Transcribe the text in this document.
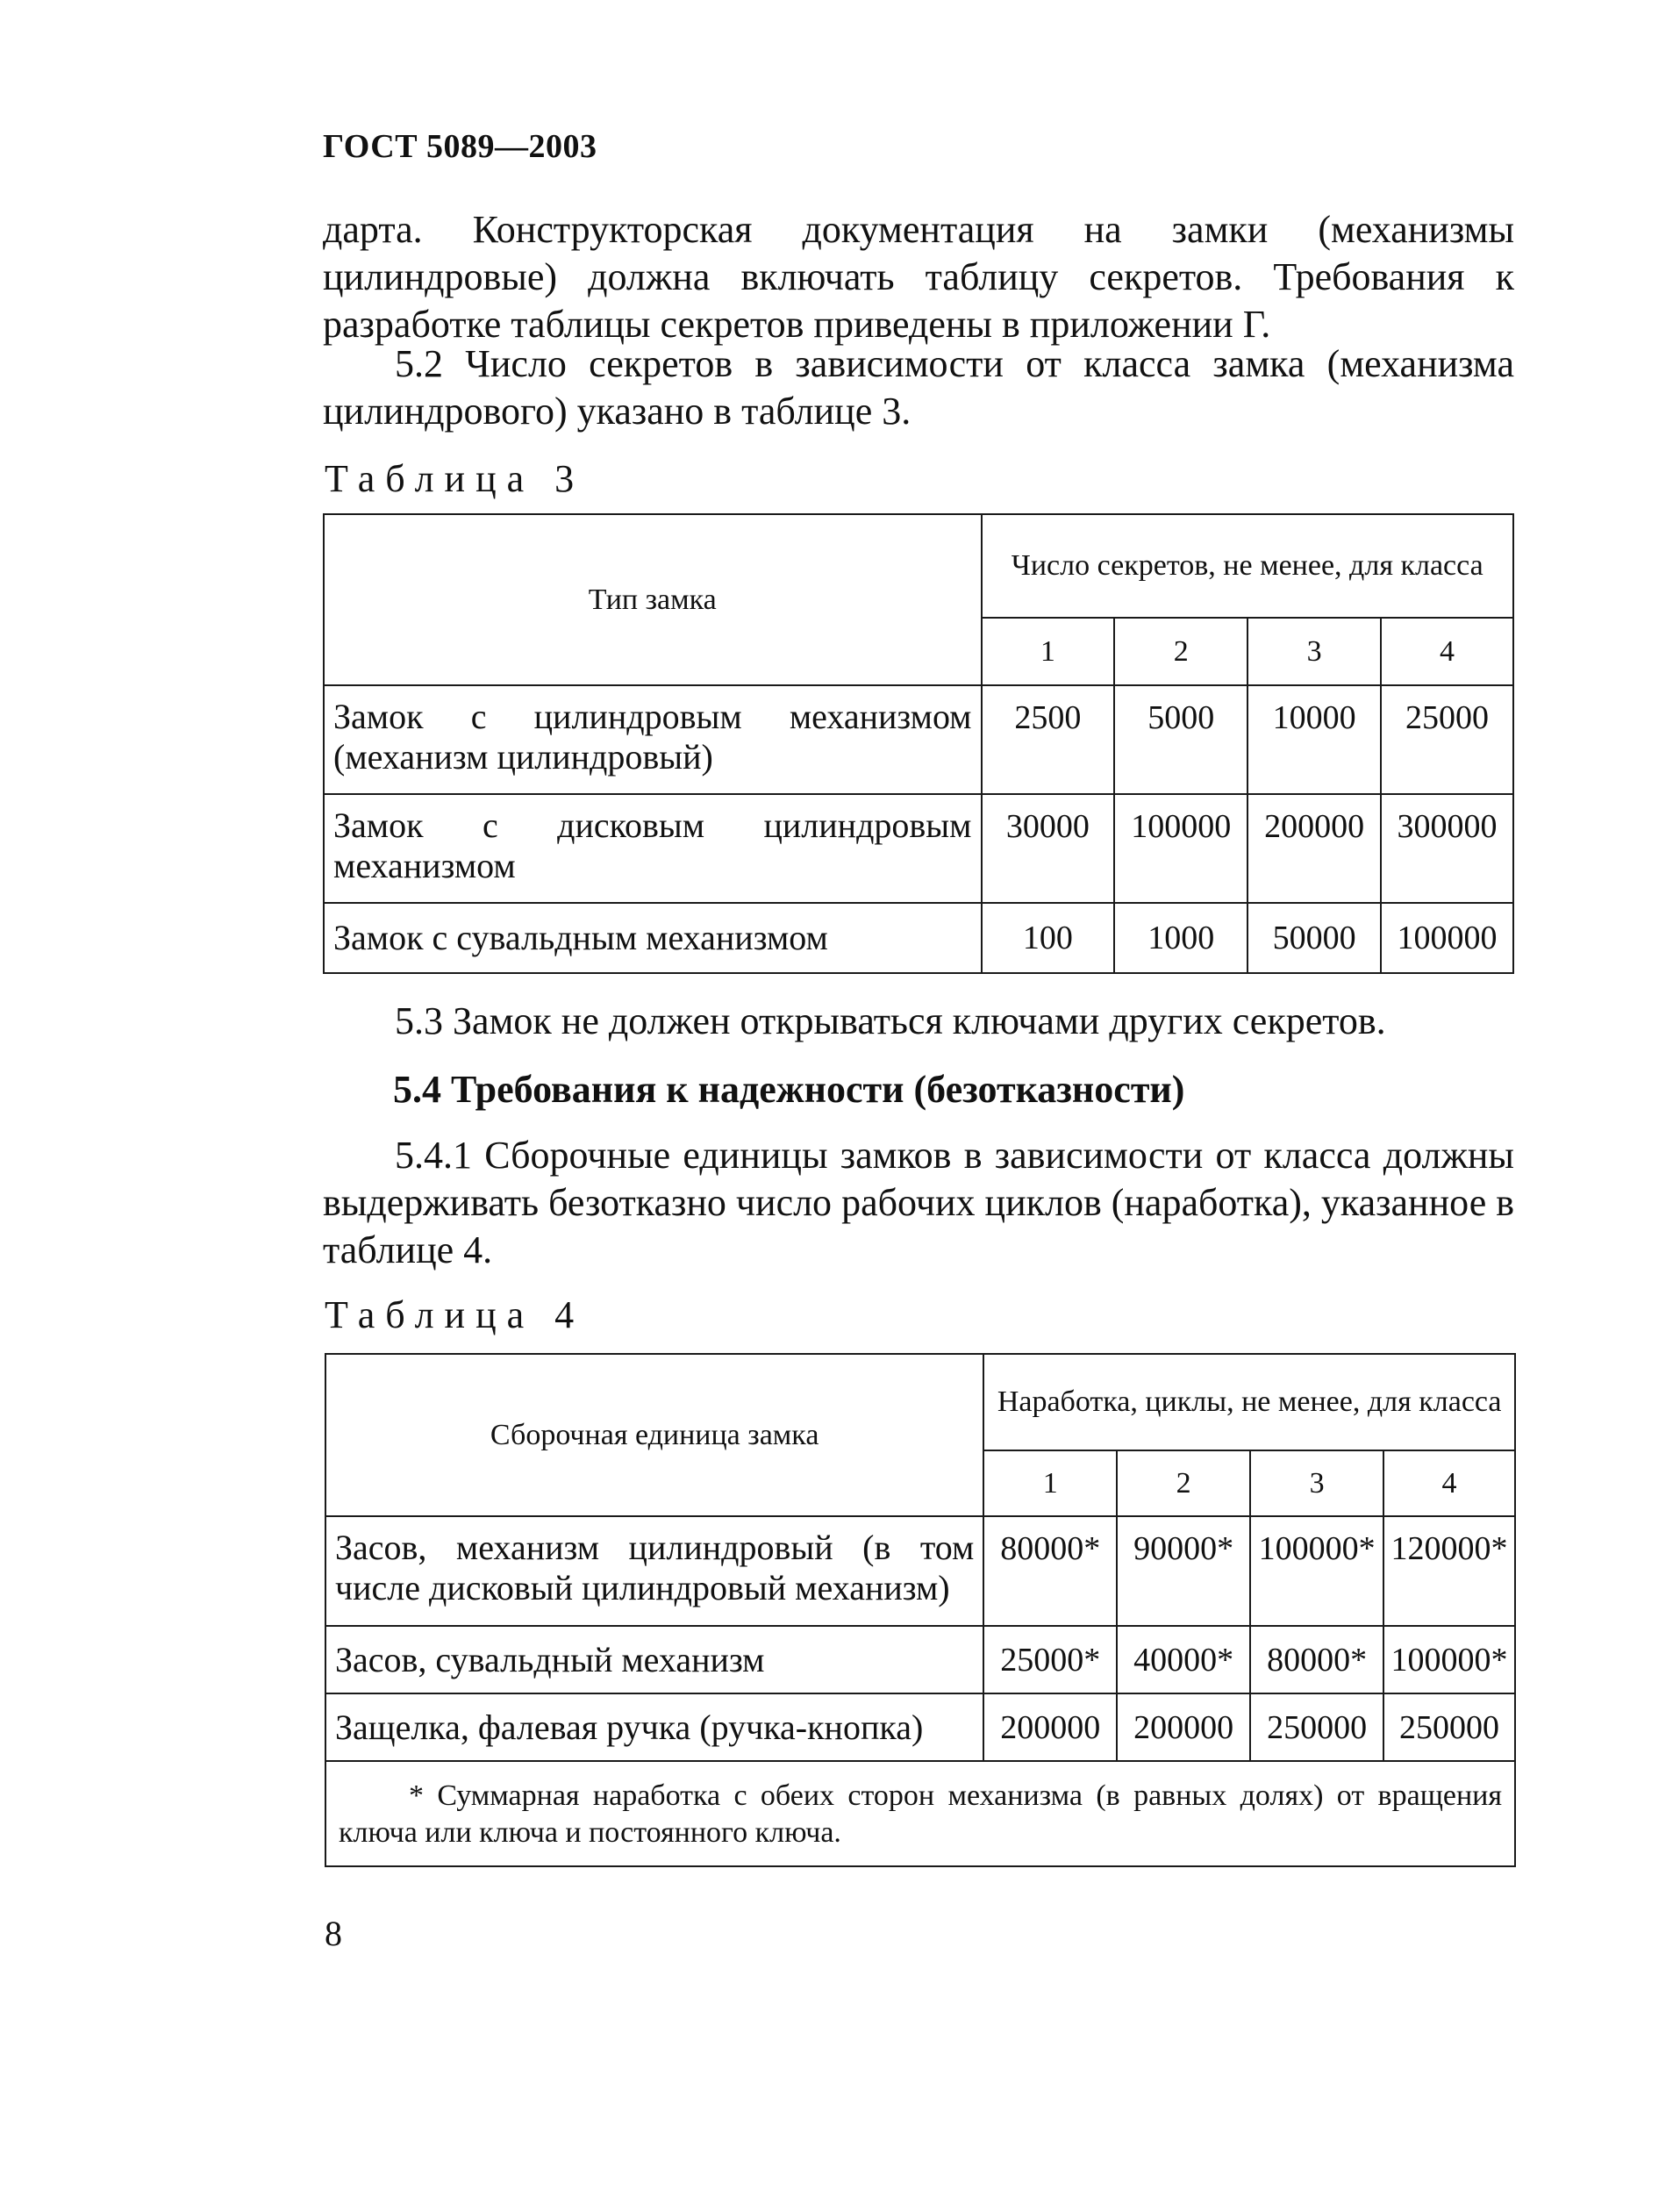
ГОСТ 5089—2003
дарта. Конструкторская документация на замки (механизмы цилиндровые) должна включать таблицу секретов. Требования к разработке таблицы секретов приведены в приложении Г.
5.2 Число секретов в зависимости от класса замка (механизма цилиндрового) указано в таблице 3.
Таблица 3
Тип замка	Число секретов, не менее, для класса			
	1	2	3	4
Замок с цилиндровым механизмом (механизм цилиндровый)	2500	5000	10000	25000
Замок с дисковым цилиндровым механизмом	30000	100000	200000	300000
Замок с сувальдным механизмом	100	1000	50000	100000
5.3 Замок не должен открываться ключами других секретов.
5.4 Требования к надежности (безотказности)
5.4.1 Сборочные единицы замков в зависимости от класса должны выдерживать безотказно число рабочих циклов (наработка), указанное в таблице 4.
Таблица 4
Сборочная единица замка	Наработка, циклы, не менее, для класса			
	1	2	3	4
Засов, механизм цилиндровый (в том числе дисковый цилиндровый механизм)	80000*	90000*	100000*	120000*
Засов, сувальдный механизм	25000*	40000*	80000*	100000*
Защелка, фалевая ручка (ручка-кнопка)	200000	200000	250000	250000
* Суммарная наработка с обеих сторон механизма (в равных долях) от вращения ключа или ключа и постоянного ключа.				
8
